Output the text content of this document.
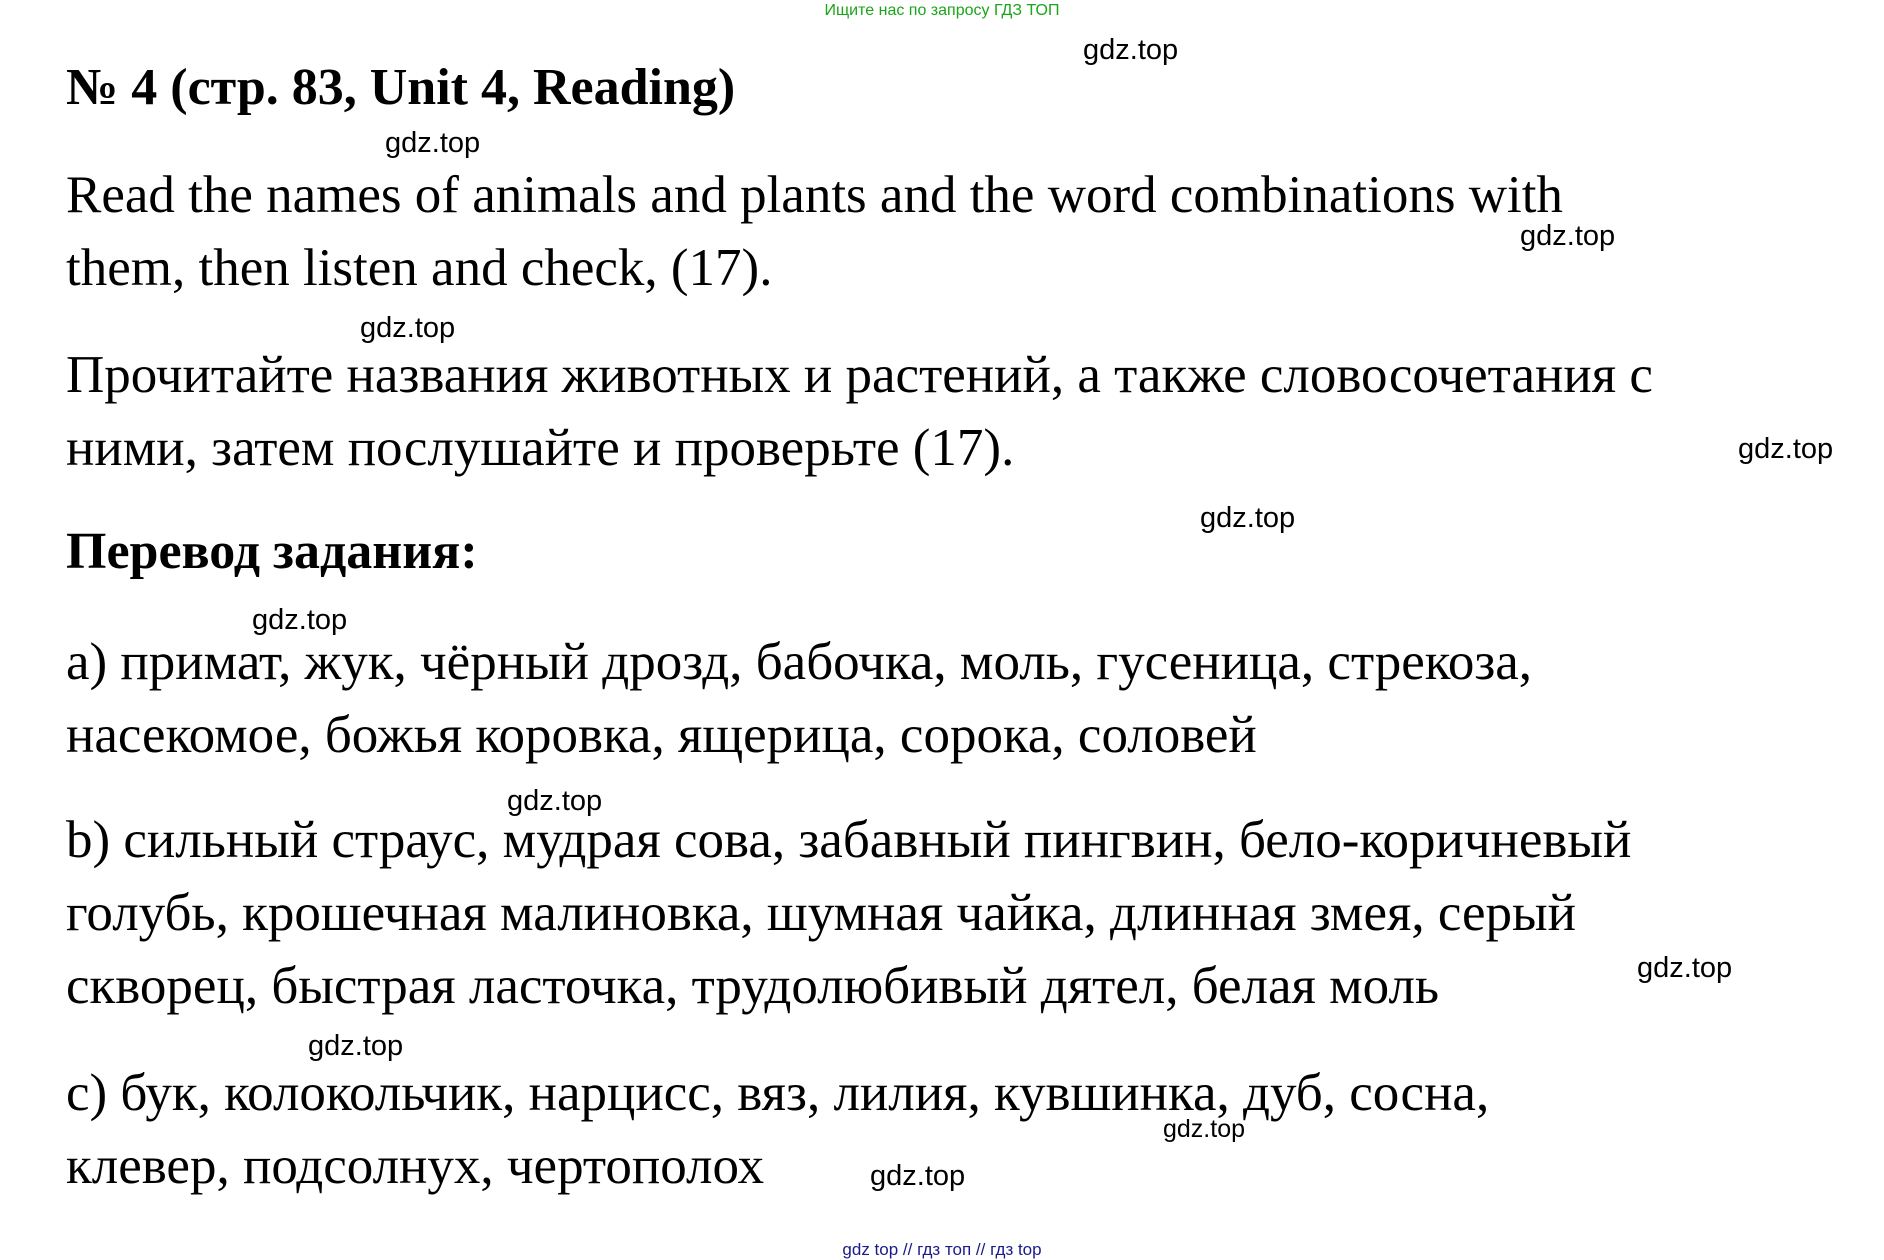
Ищите нас по запросу ГДЗ ТОП
№ 4 (стр. 83, Unit 4, Reading)
Read the names of animals and plants and the word combinations with
them, then listen and check, (17).
Прочитайте названия животных и растений, а также словосочетания с
ними, затем послушайте и проверьте (17).
Перевод задания:
a) примат, жук, чёрный дрозд, бабочка, моль, гусеница, стрекоза,
насекомое, божья коровка, ящерица, сорока, соловей
b) сильный страус, мудрая сова, забавный пингвин, бело-коричневый
голубь, крошечная малиновка, шумная чайка, длинная змея, серый
скворец, быстрая ласточка, трудолюбивый дятел, белая моль
c) бук, колокольчик, нарцисс, вяз, лилия, кувшинка, дуб, сосна,
клевер, подсолнух, чертополох
gdz.top
gdz.top
gdz.top
gdz.top
gdz.top
gdz.top
gdz.top
gdz.top
gdz.top
gdz.top
gdz.top
gdz.top
gdz top // гдз топ // гдз top
